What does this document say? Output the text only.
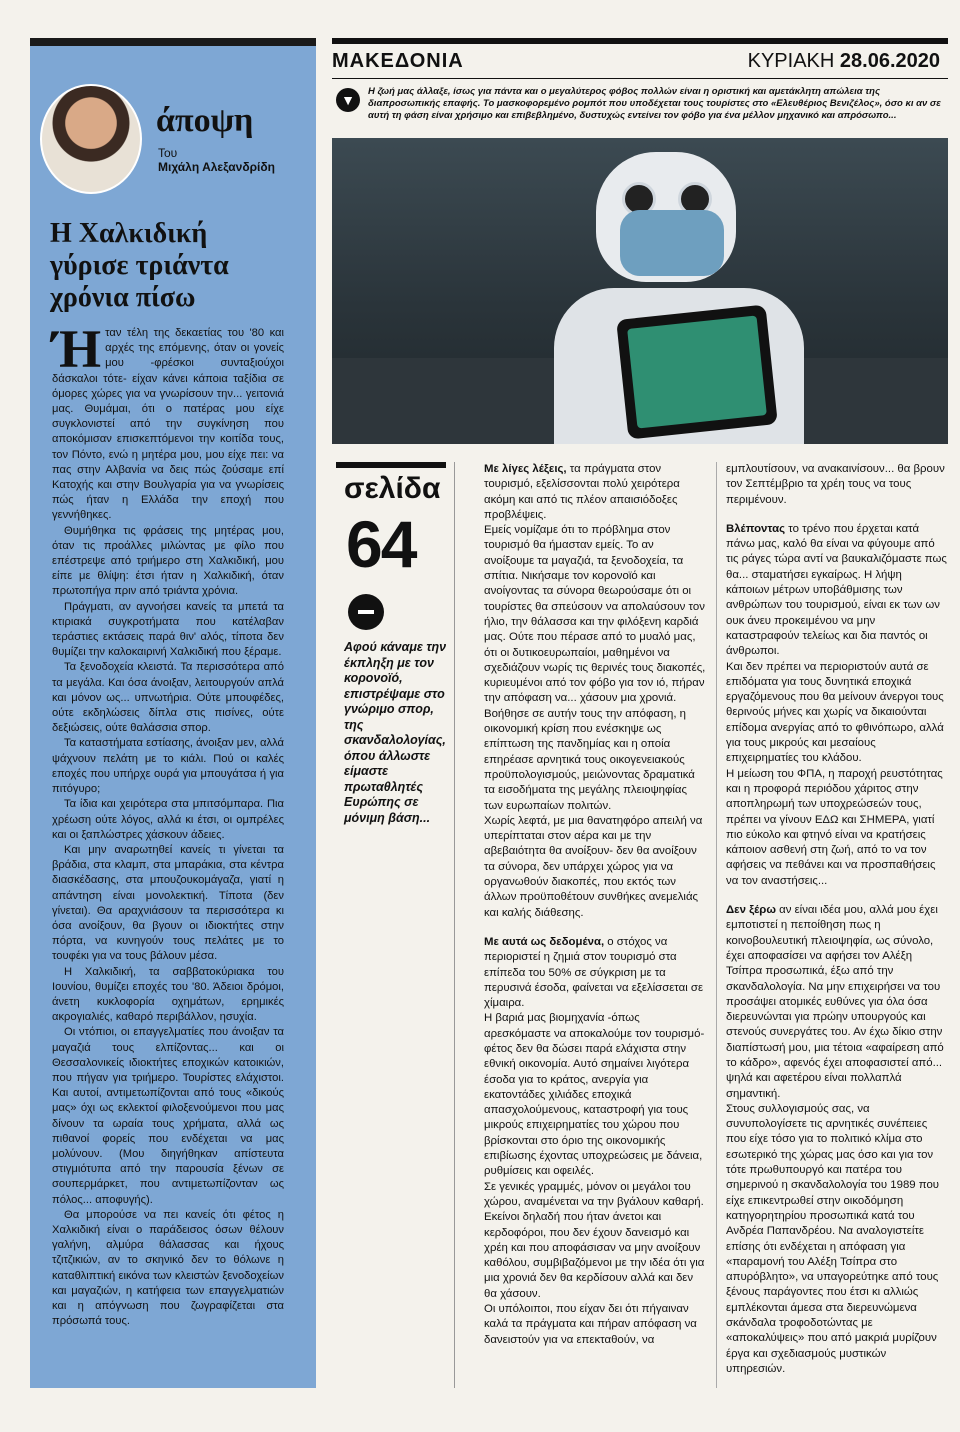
άποψη
Του
Μιχάλη Αλεξανδρίδη
Η Χαλκιδική γύρισε τριάντα χρόνια πίσω

Ήταν τέλη της δεκαετίας του '80 και αρχές της επόμενης, όταν οι γονείς μου -φρέσκοι συνταξιούχοι δάσκαλοι τότε- είχαν κάνει κάποια ταξίδια σε όμορες χώρες για να γνωρίσουν την... γειτονιά μας. Θυμάμαι, ότι ο πατέρας μου είχε συγκλονιστεί από την συγκίνηση που αποκόμισαν επισκεπτόμενοι την κοιτίδα τους, τον Πόντο, ενώ η μητέρα μου, μου είχε πει: να πας στην Αλβανία να δεις πώς ζούσαμε επί Κατοχής και στην Βουλγαρία για να γνωρίσεις πώς ήταν η Ελλάδα την εποχή που γεννήθηκες.

Θυμήθηκα τις φράσεις της μητέρας μου, όταν τις προάλλες μιλώντας με φίλο που επέστρεψε από τριήμερο στη Χαλκιδική, μου είπε με θλίψη: έτσι ήταν η Χαλκιδική, όταν πρωτοπήγα πριν από τριάντα χρόνια.

Πράγματι, αν αγνοήσει κανείς τα μπετά τα κτιριακά συγκροτήματα που κατέλαβαν τεράστιες εκτάσεις παρά θιν' αλός, τίποτα δεν θυμίζει την καλοκαιρινή Χαλκιδική που ξέραμε.

Τα ξενοδοχεία κλειστά. Τα περισσότερα από τα μεγάλα. Και όσα άνοιξαν, λειτουργούν απλά και μόνον ως... υπνωτήρια. Ούτε μπουφέδες, ούτε εκδηλώσεις δίπλα στις πισίνες, ούτε δεξιώσεις, ούτε θαλάσσια σπορ.

Τα καταστήματα εστίασης, άνοιξαν μεν, αλλά ψάχνουν πελάτη με το κιάλι. Πού οι καλές εποχές που υπήρχε ουρά για μπουγάτσα ή για πιτόγυρο;

Τα ίδια και χειρότερα στα μπιτσόμπαρα. Πια χρέωση ούτε λόγος, αλλά κι έτσι, οι ομπρέλες και οι ξαπλώστρες χάσκουν άδειες.

Και μην αναρωτηθεί κανείς τι γίνεται τα βράδια, στα κλαμπ, στα μπαράκια, στα κέντρα διασκέδασης, στα μπουζουκομάγαζα, γιατί η απάντηση είναι μονολεκτική. Τίποτα (δεν γίνεται). Θα αραχνιάσουν τα περισσότερα κι όσα ανοίξουν, θα βγουν οι ιδιοκτήτες στην πόρτα, να κυνηγούν τους πελάτες με το τουφέκι για να τους βάλουν μέσα.

Η Χαλκιδική, τα σαββατοκύριακα του Ιουνίου, θυμίζει εποχές του '80. Άδειοι δρόμοι, άνετη κυκλοφορία οχημάτων, ερημικές ακρογιαλιές, καθαρό περιβάλλον, ησυχία.

Οι ντόπιοι, οι επαγγελματίες που άνοιξαν τα μαγαζιά τους ελπίζοντας... και οι Θεσσαλονικείς ιδιοκτήτες εποχικών κατοικιών, που πήγαν για τριήμερο. Τουρίστες ελάχιστοι. Και αυτοί, αντιμετωπίζονται από τους «δικούς μας» όχι ως εκλεκτοί φιλοξενούμενοι που μας δίνουν τα ωραία τους χρήματα, αλλά ως πιθανοί φορείς που ενδέχεται να μας μολύνουν. (Μου διηγήθηκαν απίστευτα στιγμιότυπα από την παρουσία ξένων σε σουπερμάρκετ, που αντιμετωπίζονταν ως πόλος... αποφυγής).

Θα μπορούσε να πει κανείς ότι φέτος η Χαλκιδική είναι ο παράδεισος όσων θέλουν γαλήνη, αλμύρα θάλασσας και ήχους τζιτζικιών, αν το σκηνικό δεν το θόλωνε η καταθλιπτική εικόνα των κλειστών ξενοδοχείων και μαγαζιών, η κατήφεια των επαγγελματιών και η απόγνωση που ζωγραφίζεται στα πρόσωπά τους.

ΜΑΚΕΔΟΝΙΑ	ΚΥΡΙΑΚΗ 28.06.2020
▼
Η ζωή μας άλλαξε, ίσως για πάντα και ο μεγαλύτερος φόβος πολλών είναι η οριστική και αμετάκλητη απώλεια της διαπροσωπικής επαφής. Το μασκοφορεμένο ρομπότ που υποδέχεται τους τουρίστες στο «Ελευθέριος Βενιζέλος», όσο κι αν σε αυτή τη φάση είναι χρήσιμο και επιβεβλημένο, δυστυχώς εντείνει τον φόβο για ένα μέλλον μηχανικό και απρόσωπο...
σελίδα
64
Αφού κάναμε την έκπληξη με τον κορονοϊό, επιστρέψαμε στο γνώριμο σπορ, της σκανδαλολογίας, όπου άλλωστε είμαστε πρωταθλητές Ευρώπης σε μόνιμη βάση...

Με λίγες λέξεις, τα πράγματα στον τουρισμό, εξελίσσονται πολύ χειρότερα ακόμη και από τις πλέον απαισιόδοξες προβλέψεις.

Εμείς νομίζαμε ότι το πρόβλημα στον τουρισμό θα ήμασταν εμείς. Το αν ανοίξουμε τα μαγαζιά, τα ξενοδοχεία, τα σπίτια. Νικήσαμε τον κορονοϊό και ανοίγοντας τα σύνορα θεωρούσαμε ότι οι τουρίστες θα σπεύσουν να απολαύσουν τον ήλιο, την θάλασσα και την φιλόξενη καρδιά μας. Ούτε που πέρασε από το μυαλό μας, ότι οι δυτικοευρωπαίοι, μαθημένοι να σχεδιάζουν νωρίς τις θερινές τους διακοπές, κυριευμένοι από τον φόβο για τον ιό, πήραν την απόφαση να... χάσουν μια χρονιά. Βοήθησε σε αυτήν τους την απόφαση, η οικονομική κρίση που ενέσκηψε ως επίπτωση της πανδημίας και η οποία επηρέασε αρνητικά τους οικογενειακούς προϋπολογισμούς, μειώνοντας δραματικά τα εισοδήματα της μεγάλης πλειοψηφίας των ευρωπαίων πολιτών.

Χωρίς λεφτά, με μια θανατηφόρο απειλή να υπερίπταται στον αέρα και με την αβεβαιότητα θα ανοίξουν- δεν θα ανοίξουν τα σύνορα, δεν υπάρχει χώρος για να οργανωθούν διακοπές, που εκτός των άλλων προϋποθέτουν συνθήκες ανεμελιάς και καλής διάθεσης.

Με αυτά ως δεδομένα, ο στόχος να περιοριστεί η ζημιά στον τουρισμό στα επίπεδα του 50% σε σύγκριση με τα περυσινά έσοδα, φαίνεται να εξελίσσεται σε χίμαιρα.

Η βαριά μας βιομηχανία -όπως αρεσκόμαστε να αποκαλούμε τον τουρισμό- φέτος δεν θα δώσει παρά ελάχιστα στην εθνική οικονομία. Αυτό σημαίνει λιγότερα έσοδα για το κράτος, ανεργία για εκατοντάδες χιλιάδες εποχικά απασχολούμενους, καταστροφή για τους μικρούς επιχειρηματίες του χώρου που βρίσκονται στο όριο της οικονομικής επιβίωσης έχοντας υποχρεώσεις με δάνεια, ρυθμίσεις και οφειλές.

Σε γενικές γραμμές, μόνον οι μεγάλοι του χώρου, αναμένεται να την βγάλουν καθαρή. Εκείνοι δηλαδή που ήταν άνετοι και κερδοφόροι, που δεν έχουν δανεισμό και χρέη και που αποφάσισαν να μην ανοίξουν καθόλου, συμβιβαζόμενοι με την ιδέα ότι για μια χρονιά δεν θα κερδίσουν αλλά και δεν θα χάσουν.

Οι υπόλοιποι, που είχαν δει ότι πήγαιναν καλά τα πράγματα και πήραν απόφαση να δανειστούν για να επεκταθούν, να

εμπλουτίσουν, να ανακαινίσουν... θα βρουν τον Σεπτέμβριο τα χρέη τους να τους περιμένουν.

Βλέποντας το τρένο που έρχεται κατά πάνω μας, καλό θα είναι να φύγουμε από τις ράγες τώρα αντί να βαυκαλιζόμαστε πως θα... σταματήσει εγκαίρως. Η λήψη κάποιων μέτρων υποβάθμισης των ανθρώπων του τουρισμού, είναι εκ των ων ουκ άνευ προκειμένου να μην καταστραφούν τελείως και δια παντός οι άνθρωποι.

Και δεν πρέπει να περιοριστούν αυτά σε επιδόματα για τους δυνητικά εποχικά εργαζόμενους που θα μείνουν άνεργοι τους θερινούς μήνες και χωρίς να δικαιούνται επίδομα ανεργίας από το φθινόπωρο, αλλά για τους μικρούς και μεσαίους επιχειρηματίες του κλάδου.

Η μείωση του ΦΠΑ, η παροχή ρευστότητας και η προφορά περιόδου χάριτος στην αποπληρωμή των υποχρεώσεών τους, πρέπει να γίνουν ΕΔΩ και ΣΗΜΕΡΑ, γιατί πιο εύκολο και φτηνό είναι να κρατήσεις κάποιον ασθενή στη ζωή, από το να τον αφήσεις να πεθάνει και να προσπαθήσεις να τον αναστήσεις...

Δεν ξέρω αν είναι ιδέα μου, αλλά μου έχει εμποτιστεί η πεποίθηση πως η κοινοβουλευτική πλειοψηφία, ως σύνολο, έχει αποφασίσει να αφήσει τον Αλέξη Τσίπρα προσωπικά, έξω από την σκανδαλολογία. Να μην επιχειρήσει να του προσάψει ατομικές ευθύνες για όλα όσα διερευνώνται για πρώην υπουργούς και στενούς συνεργάτες του. Αν έχω δίκιο στην διαπίστωσή μου, μια τέτοια «αφαίρεση από το κάδρο», αφενός έχει αποφασιστεί από... ψηλά και αφετέρου είναι πολλαπλά σημαντική.

Στους συλλογισμούς σας, να συνυπολογίσετε τις αρνητικές συνέπειες που είχε τόσο για το πολιτικό κλίμα στο εσωτερικό της χώρας μας όσο και για τον τότε πρωθυπουργό και πατέρα του σημερινού η σκανδαλολογία του 1989 που είχε επικεντρωθεί στην οικοδόμηση κατηγορητηρίου προσωπικά κατά του Ανδρέα Παπανδρέου. Να αναλογιστείτε επίσης ότι ενδέχεται η απόφαση για «παραμονή του Αλέξη Τσίπρα στο απυρόβλητο», να υπαγορεύτηκε από τους ξένους παράγοντες που έτσι κι αλλιώς εμπλέκονται άμεσα στα διερευνώμενα σκάνδαλα τροφοδοτώντας με «αποκαλύψεις» που από μακριά μυρίζουν έργα και σχεδιασμούς μυστικών υπηρεσιών.
